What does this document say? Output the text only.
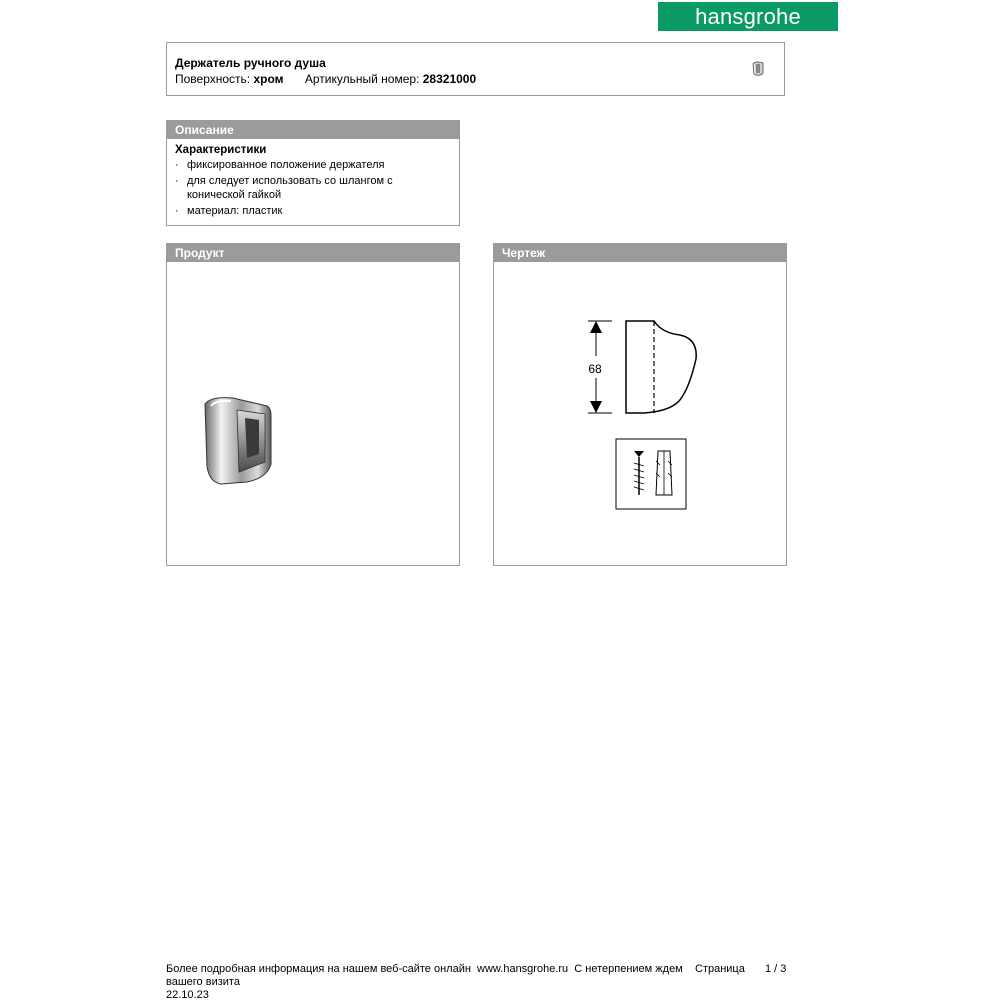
hansgrohe
Держатель ручного душа
Поверхность: хром Артикульный номер: 28321000
Описание
Характеристики
· фиксированное положение держателя
· для следует использовать со шлангом с конической гайкой
· материал: пластик
Продукт	Чертеж
68
Более подробная информация на нашем веб-сайте онлайн www.hansgrohe.ru С нетерпением ждем Страница 1 / 3
вашего визита
22.10.23
